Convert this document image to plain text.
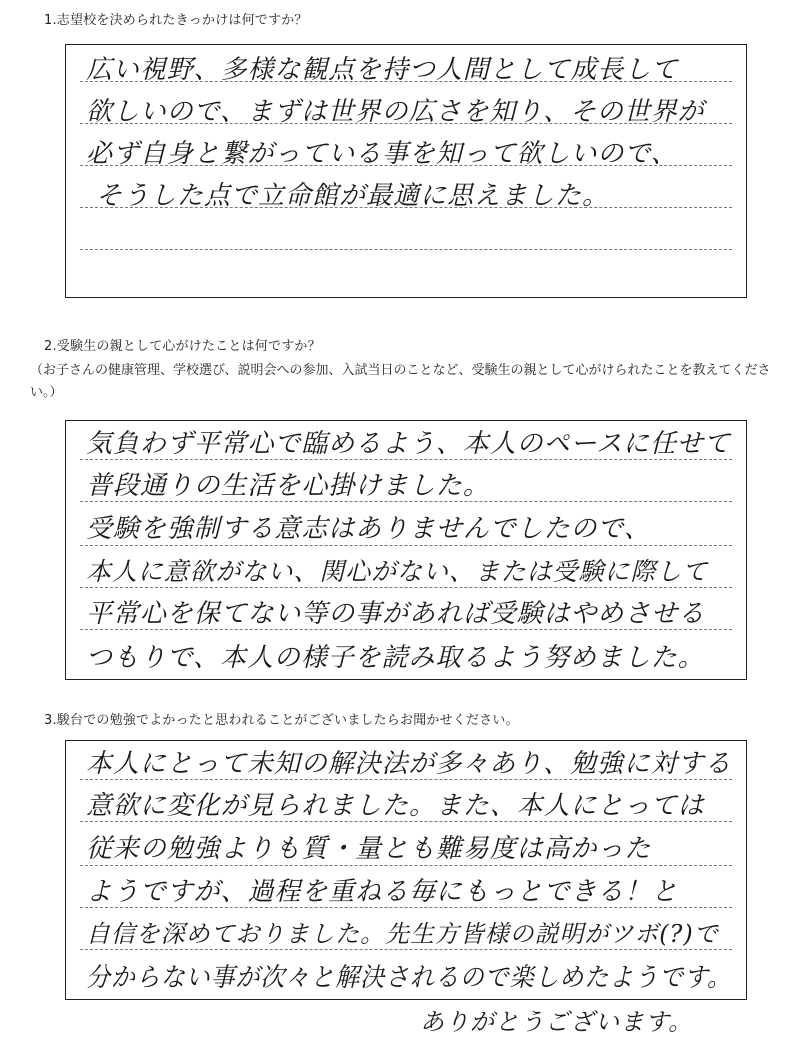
1.志望校を決められたきっかけは何ですか？
広い視野、多様な観点を持つ人間として成長して
欲しいので、まずは世界の広さを知り、その世界が
必ず自身と繋がっている事を知って欲しいので、
そうした点で立命館が最適に思えました。
2.受験生の親として心がけたことは何ですか？
（お子さんの健康管理、学校選び、説明会への参加、入試当日のことなど、受験生の親として心がけられたことを教えてください。）
気負わず平常心で臨めるよう、本人のペースに任せて
普段通りの生活を心掛けました。
受験を強制する意志はありませんでしたので、
本人に意欲がない、関心がない、または受験に際して
平常心を保てない等の事があれば受験はやめさせる
つもりで、本人の様子を読み取るよう努めました。
3.駿台での勉強でよかったと思われることがございましたらお聞かせください。
本人にとって未知の解決法が多々あり、勉強に対する
意欲に変化が見られました。また、本人にとっては
従来の勉強よりも質・量とも難易度は高かった
ようですが、過程を重ねる毎にもっとできる！と
自信を深めておりました。先生方皆様の説明がツボ(?)で
分からない事が次々と解決されるので楽しめたようです。
ありがとうございます。
